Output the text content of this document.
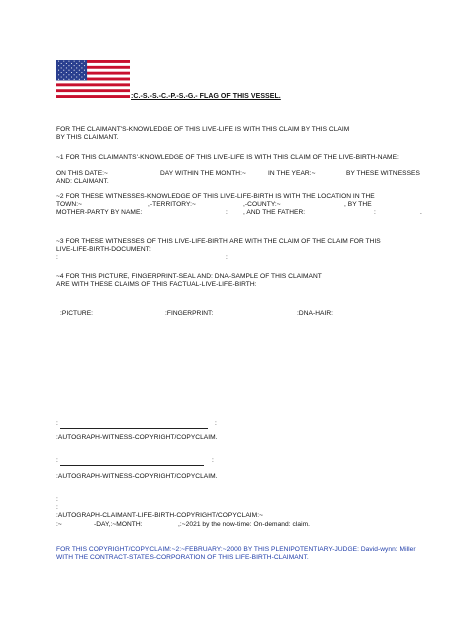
:C.-S.-S.-C.-P.-S.-G.- FLAG OF THIS VESSEL.
FOR THE CLAIMANT'S-KNOWLEDGE OF THIS LIVE-LIFE IS WITH THIS CLAIM BY THIS CLAIM
BY THIS CLAIMANT.
~1 FOR THIS CLAIMANTS'-KNOWLEDGE OF THIS LIVE-LIFE IS WITH THIS CLAIM OF THE LIVE-BIRTH-NAME:
ON THIS DATE:~	DAY WITHIN THE MONTH:~	IN THE YEAR:~	BY THESE WITNESSES
AND: CLAIMANT.
~2 FOR THESE WITNESSES-KNOWLEDGE OF THIS LIVE-LIFE-BIRTH IS WITH THE LOCATION IN THE
TOWN:~	,-TERRITORY:~	,-COUNTY:~	, BY THE
MOTHER-PARTY BY NAME:	: , AND THE FATHER:	:	.
~3 FOR THESE WITNESSES OF THIS LIVE-LIFE-BIRTH ARE WITH THE CLAIM OF THE CLAIM FOR THIS
LIVE-LIFE-BIRTH-DOCUMENT:
:	:
~4 FOR THIS PICTURE, FINGERPRINT-SEAL AND: DNA-SAMPLE OF THIS CLAIMANT
ARE WITH THESE CLAIMS OF THIS FACTUAL-LIVE-LIFE-BIRTH:
:PICTURE:	:FINGERPRINT:	:DNA-HAIR:
:	:
:AUTOGRAPH-WITNESS-COPYRIGHT/COPYCLAIM.
:	:
:AUTOGRAPH-WITNESS-COPYRIGHT/COPYCLAIM.
:
:
:AUTOGRAPH-CLAIMANT-LIFE-BIRTH-COPYRIGHT/COPYCLAIM:~
:~	-DAY,:~MONTH:	,:~2021 by the now-time: On-demand: claim.
FOR THIS COPYRIGHT/COPYCLAIM:~2:~FEBRUARY:~2000 BY THIS PLENIPOTENTIARY-JUDGE: David-wynn: Miller
WITH THE CONTRACT-STATES-CORPORATION OF THIS LIFE-BIRTH-CLAIMANT.
